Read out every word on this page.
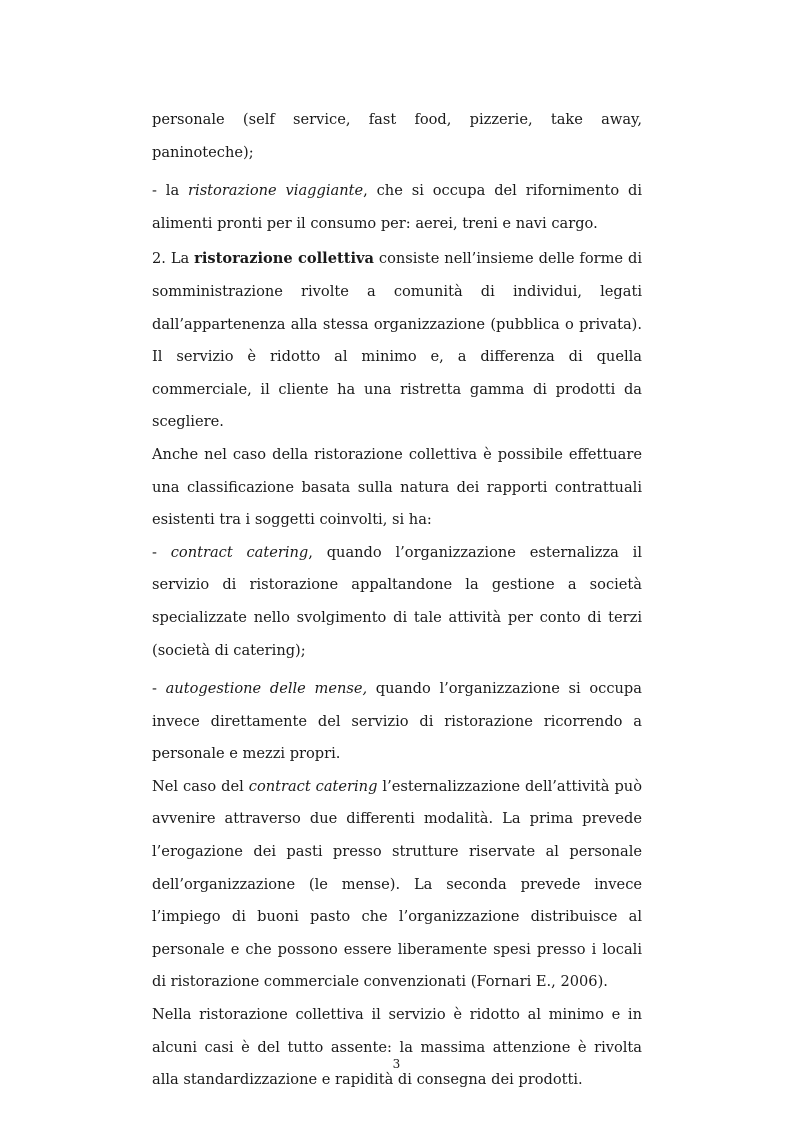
personale (self service, fast food, pizzerie, take away, paninoteche);

- la ristorazione viaggiante, che si occupa del rifornimento di alimenti pronti per il consumo per: aerei, treni e navi cargo.

2. La ristorazione collettiva consiste nell’insieme delle forme di somministrazione rivolte a comunità di individui, legati dall’appartenenza alla stessa organizzazione (pubblica o privata). Il servizio è ridotto al minimo e, a differenza di quella commerciale, il cliente ha una ristretta gamma di prodotti da scegliere.

Anche nel caso della ristorazione collettiva è possibile effettuare una classificazione basata sulla natura dei rapporti contrattuali esistenti tra i soggetti coinvolti, si ha:

- contract catering, quando l’organizzazione esternalizza il servizio di ristorazione appaltandone la gestione a società specializzate nello svolgimento di tale attività per conto di terzi (società di catering);

- autogestione delle mense, quando l’organizzazione si occupa invece direttamente del servizio di ristorazione ricorrendo a personale e mezzi propri.

Nel caso del contract catering l’esternalizzazione dell’attività può avvenire attraverso due differenti modalità. La prima prevede l’erogazione dei pasti presso strutture riservate al personale dell’organizzazione (le mense). La seconda prevede invece l’impiego di buoni pasto che l’organizzazione distribuisce al personale e che possono essere liberamente spesi presso i locali di ristorazione commerciale convenzionati (Fornari E., 2006).

Nella ristorazione collettiva il servizio è ridotto al minimo e in alcuni casi è del tutto assente: la massima attenzione è rivolta alla standardizzazione e rapidità di consegna dei prodotti.

3
